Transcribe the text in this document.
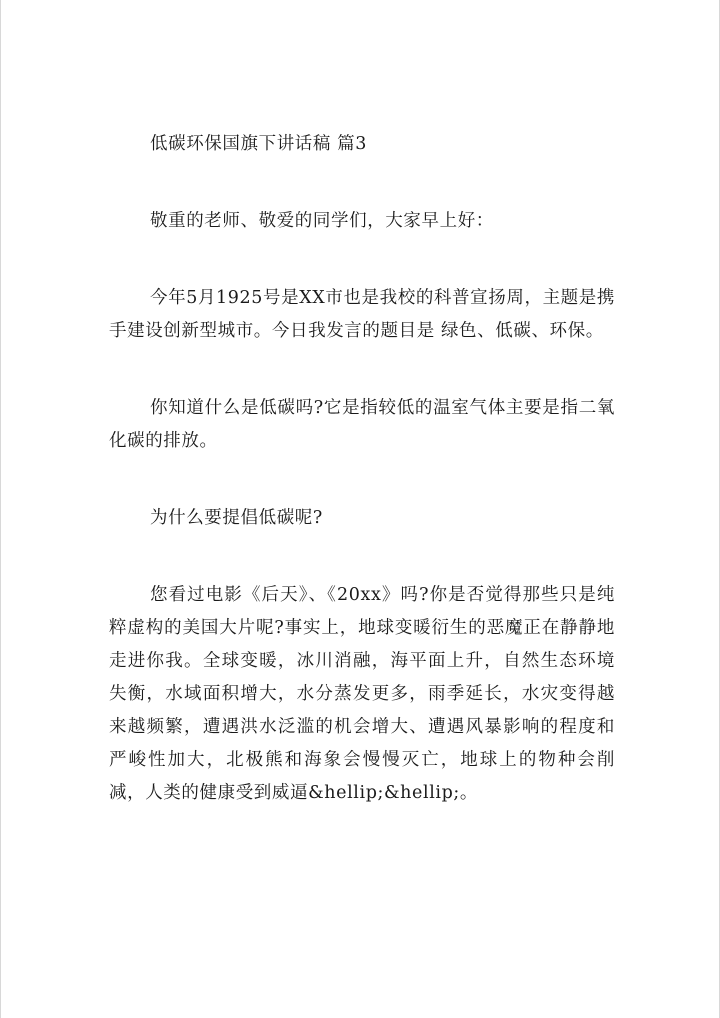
低碳环保国旗下讲话稿 篇3

敬重的老师、敬爱的同学们，大家早上好：

今年5月1925号是XX市也是我校的科普宣扬周，主题是携手建设创新型城市。今日我发言的题目是 绿色、低碳、环保。

你知道什么是低碳吗?它是指较低的温室气体主要是指二氧化碳的排放。

为什么要提倡低碳呢?

您看过电影《后天》、《20xx》吗?你是否觉得那些只是纯粹虚构的美国大片呢?事实上，地球变暖衍生的恶魔正在静静地走进你我。全球变暖，冰川消融，海平面上升，自然生态环境失衡，水域面积增大，水分蒸发更多，雨季延长，水灾变得越来越频繁，遭遇洪水泛滥的机会增大、遭遇风暴影响的程度和严峻性加大，北极熊和海象会慢慢灭亡，地球上的物种会削减，人类的健康受到威逼&hellip;&hellip;。
